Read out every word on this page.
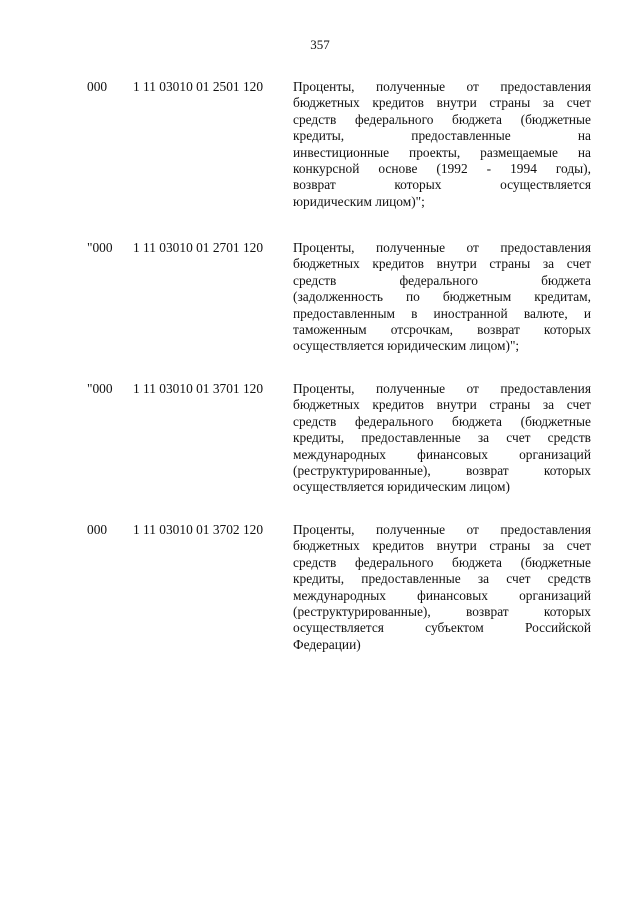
357
000 1 11 03010 01 2501 120 Проценты, полученные от предоставления
бюджетных кредитов внутри страны за счет
средств федерального бюджета (бюджетные
кредиты, предоставленные на
инвестиционные проекты, размещаемые на
конкурсной основе (1992 - 1994 годы),
возврат которых осуществляется
юридическим лицом)";
"000 1 11 03010 01 2701 120 Проценты, полученные от предоставления
бюджетных кредитов внутри страны за счет
средств федерального бюджета
(задолженность по бюджетным кредитам,
предоставленным в иностранной валюте, и
таможенным отсрочкам, возврат которых
осуществляется юридическим лицом)";
"000 1 11 03010 01 3701 120 Проценты, полученные от предоставления
бюджетных кредитов внутри страны за счет
средств федерального бюджета (бюджетные
кредиты, предоставленные за счет средств
международных финансовых организаций
(реструктурированные), возврат которых
осуществляется юридическим лицом)
000 1 11 03010 01 3702 120 Проценты, полученные от предоставления
бюджетных кредитов внутри страны за счет
средств федерального бюджета (бюджетные
кредиты, предоставленные за счет средств
международных финансовых организаций
(реструктурированные), возврат которых
осуществляется субъектом Российской
Федерации)
